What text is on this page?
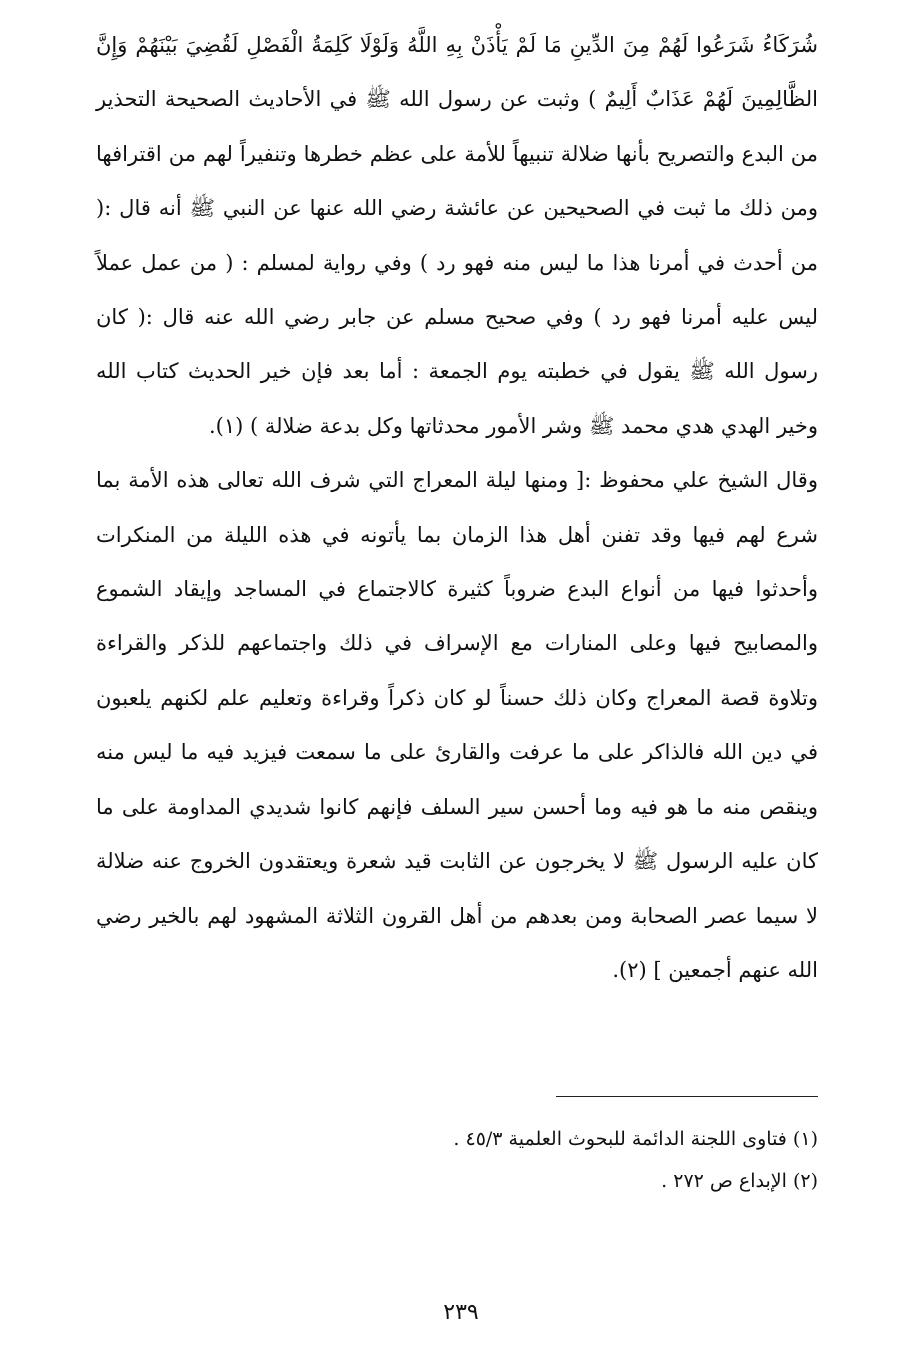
شُرَكَاءُ شَرَعُوا لَهُمْ مِنَ الدِّينِ مَا لَمْ يَأْذَنْ بِهِ اللَّهُ وَلَوْلَا كَلِمَةُ الْفَصْلِ لَقُضِيَ بَيْنَهُمْ وَإِنَّ الظَّالِمِينَ لَهُمْ عَذَابٌ أَلِيمٌ ) وثبت عن رسول الله ﷺ في الأحاديث الصحيحة التحذير من البدع والتصريح بأنها ضلالة تنبيهاً للأمة على عظم خطرها وتنفيراً لهم من اقترافها ومن ذلك ما ثبت في الصحيحين عن عائشة رضي الله عنها عن النبي ﷺ أنه قال :( من أحدث في أمرنا هذا ما ليس منه فهو رد ) وفي رواية لمسلم : ( من عمل عملاً ليس عليه أمرنا فهو رد ) وفي صحيح مسلم عن جابر رضي الله عنه قال :( كان رسول الله ﷺ يقول في خطبته يوم الجمعة : أما بعد فإن خير الحديث كتاب الله وخير الهدي هدي محمد ﷺ وشر الأمور محدثاتها وكل بدعة ضلالة ) (١).

وقال الشيخ علي محفوظ :[ ومنها ليلة المعراج التي شرف الله تعالى هذه الأمة بما شرع لهم فيها وقد تفنن أهل هذا الزمان بما يأتونه في هذه الليلة من المنكرات وأحدثوا فيها من أنواع البدع ضروباً كثيرة كالاجتماع في المساجد وإيقاد الشموع والمصابيح فيها وعلى المنارات مع الإسراف في ذلك واجتماعهم للذكر والقراءة وتلاوة قصة المعراج وكان ذلك حسناً لو كان ذكراً وقراءة وتعليم علم لكنهم يلعبون في دين الله فالذاكر على ما عرفت والقارئ على ما سمعت فيزيد فيه ما ليس منه وينقص منه ما هو فيه وما أحسن سير السلف فإنهم كانوا شديدي المداومة على ما كان عليه الرسول ﷺ لا يخرجون عن الثابت قيد شعرة ويعتقدون الخروج عنه ضلالة لا سيما عصر الصحابة ومن بعدهم من أهل القرون الثلاثة المشهود لهم بالخير رضي الله عنهم أجمعين ] (٢).

(١) فتاوى اللجنة الدائمة للبحوث العلمية ٤٥/٣ .
(٢) الإبداع ص ٢٧٢ .
٢٣٩
